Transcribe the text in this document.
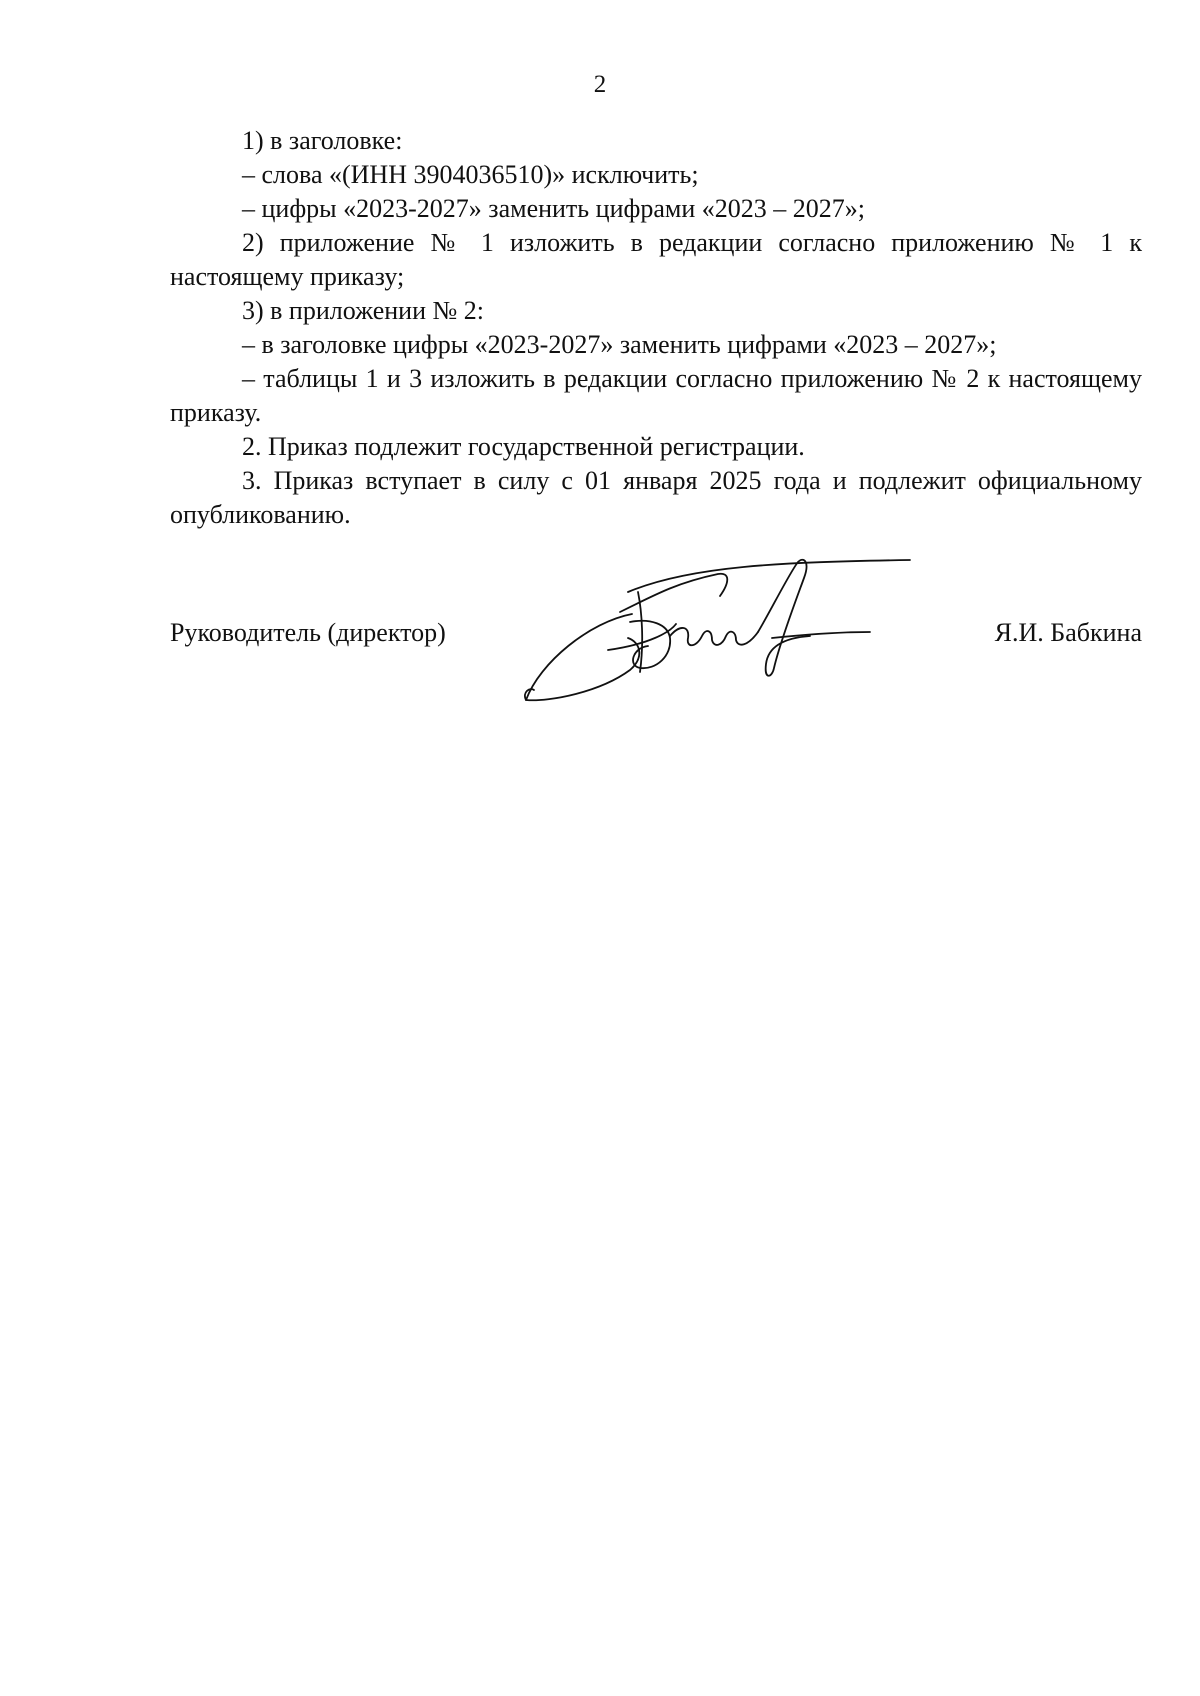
2

1) в заголовке:

– слова «(ИНН 3904036510)» исключить;

– цифры «2023-2027» заменить цифрами «2023 – 2027»;

2) приложение № 1 изложить в редакции согласно приложению № 1 к настоящему приказу;

3) в приложении № 2:

– в заголовке цифры «2023-2027» заменить цифрами «2023 – 2027»;

– таблицы 1 и 3 изложить в редакции согласно приложению № 2 к настоящему приказу.

2. Приказ подлежит государственной регистрации.

3. Приказ вступает в силу с 01 января 2025 года и подлежит официальному опубликованию.

Руководитель (директор)	Я.И. Бабкина
